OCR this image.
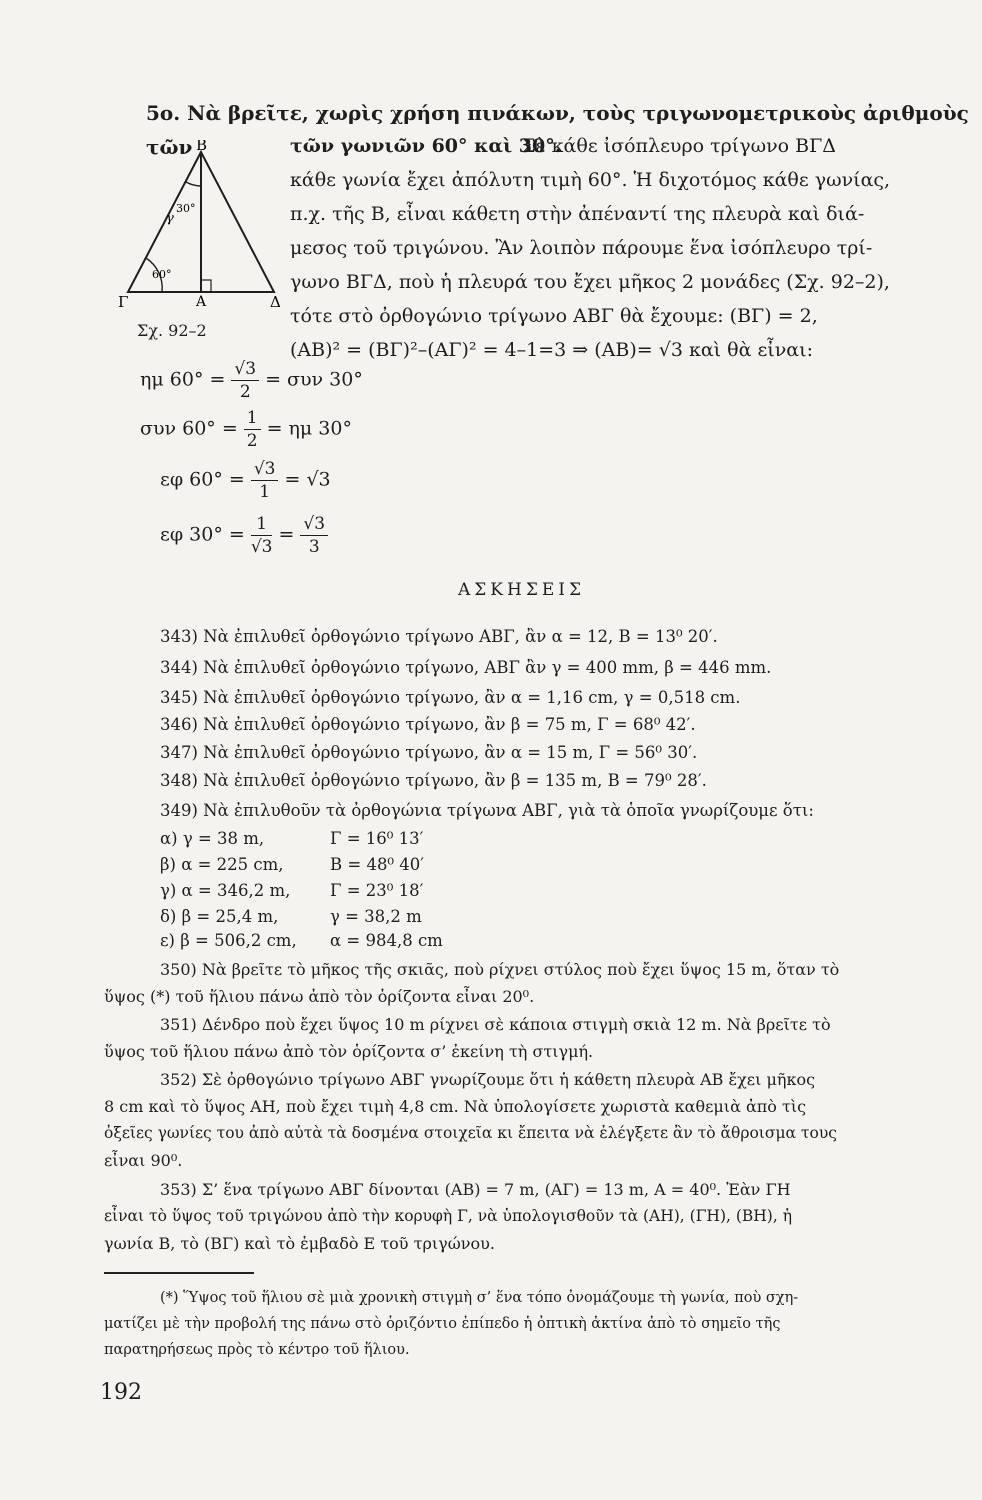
5ο. Νὰ βρεῖτε, χωρὶς χρήση πινάκων, τοὺς τριγωνομετρικοὺς ἀριθμοὺς τῶν	τῶν γωνιῶν 60° καὶ 30°.
Σὲ κάθε ἰσόπλευρο τρίγωνο ΒΓΔ
κάθε γωνία ἔχει ἀπόλυτη τιμὴ 60°. Ἡ διχοτόμος κάθε γωνίας,
π.χ. τῆς Β, εἶναι κάθετη στὴν ἀπέναντί της πλευρὰ καὶ διά-
μεσος τοῦ τριγώνου. Ἂν λοιπὸν πάρουμε ἕνα ἰσόπλευρο τρί-
γωνο ΒΓΔ, ποὺ ἡ πλευρά του ἔχει μῆκος 2 μονάδες (Σχ. 92–2),
τότε στὸ ὀρθογώνιο τρίγωνο ΑΒΓ θὰ ἔχουμε: (ΒΓ) = 2,
(ΑΒ)² = (ΒΓ)²–(ΑΓ)² = 4–1=3 ⇒ (ΑΒ)= √3 καὶ θὰ εἶναι:
Β
Γ	Δ
Α
γ
30°
60°
Σχ. 92–2
ημ $60^\circ = \frac{√3}{2} = \sigma\upsilon\nu$ 30°
συν $60^\circ = \frac{1}{2} = \eta\mu$ 30°
εφ $60^\circ = \frac{√3}{1} = √3$
εφ $30^\circ = \frac{1}{√3} = \frac{√3}{3}$
ΑΣΚΗΣΕΙΣ
343) Νὰ ἐπιλυθεῖ ὀρθογώνιο τρίγωνο ΑΒΓ, ἂν α = 12, Β = 13⁰ 20′.
344) Νὰ ἐπιλυθεῖ ὀρθογώνιο τρίγωνο, ΑΒΓ ἂν γ = 400 mm, β = 446 mm.
345) Νὰ ἐπιλυθεῖ ὀρθογώνιο τρίγωνο, ἂν α = 1,16 cm, γ = 0,518 cm.
346) Νὰ ἐπιλυθεῖ ὀρθογώνιο τρίγωνο, ἂν β = 75 m, Γ = 68⁰ 42′.
347) Νὰ ἐπιλυθεῖ ὀρθογώνιο τρίγωνο, ἂν α = 15 m, Γ = 56⁰ 30′.
348) Νὰ ἐπιλυθεῖ ὀρθογώνιο τρίγωνο, ἂν β = 135 m, Β = 79⁰ 28′.
349) Νὰ ἐπιλυθοῦν τὰ ὀρθογώνια τρίγωνα ΑΒΓ, γιὰ τὰ ὁποῖα γνωρίζουμε ὅτι:
α) γ = 38 m,	Γ = 16⁰ 13′
β) α = 225 cm,	Β = 48⁰ 40′
γ) α = 346,2 m, Γ = 23⁰ 18′
δ) β = 25,4 m,	γ = 38,2 m
ε) β = 506,2 cm, α = 984,8 cm
350) Νὰ βρεῖτε τὸ μῆκος τῆς σκιᾶς, ποὺ ρίχνει στύλος ποὺ ἔχει ὕψος 15 m, ὅταν τὸ
ὕψος (*) τοῦ ἥλιου πάνω ἀπὸ τὸν ὁρίζοντα εἶναι 20⁰.
351) Δένδρο ποὺ ἔχει ὕψος 10 m ρίχνει σὲ κάποια στιγμὴ σκιὰ 12 m. Νὰ βρεῖτε τὸ
ὕψος τοῦ ἥλιου πάνω ἀπὸ τὸν ὁρίζοντα σ’ ἐκείνη τὴ στιγμή.
352) Σὲ ὀρθογώνιο τρίγωνο ΑΒΓ γνωρίζουμε ὅτι ἡ κάθετη πλευρὰ ΑΒ ἔχει μῆκος
8 cm καὶ τὸ ὕψος ΑΗ, ποὺ ἔχει τιμὴ 4,8 cm. Νὰ ὑπολογίσετε χωριστὰ καθεμιὰ ἀπὸ τὶς
ὀξεῖες γωνίες του ἀπὸ αὐτὰ τὰ δοσμένα στοιχεῖα κι ἔπειτα νὰ ἐλέγξετε ἂν τὸ ἄθροισμα τους
εἶναι 90⁰.
353) Σ’ ἕνα τρίγωνο ΑΒΓ δίνονται (ΑΒ) = 7 m, (ΑΓ) = 13 m, Α = 40⁰. Ἐὰν ΓΗ
εἶναι τὸ ὕψος τοῦ τριγώνου ἀπὸ τὴν κορυφὴ Γ, νὰ ὑπολογισθοῦν τὰ (ΑΗ), (ΓΗ), (ΒΗ), ἡ
γωνία Β, τὸ (ΒΓ) καὶ τὸ ἐμβαδὸ Ε τοῦ τριγώνου.
(*) Ὕψος τοῦ ἥλιου σὲ μιὰ χρονικὴ στιγμὴ σ’ ἕνα τόπο ὀνομάζουμε τὴ γωνία, ποὺ σχη-
ματίζει μὲ τὴν προβολή της πάνω στὸ ὁριζόντιο ἐπίπεδο ἡ ὀπτικὴ ἀκτίνα ἀπὸ τὸ σημεῖο τῆς
παρατηρήσεως πρὸς τὸ κέντρο τοῦ ἥλιου.
192
